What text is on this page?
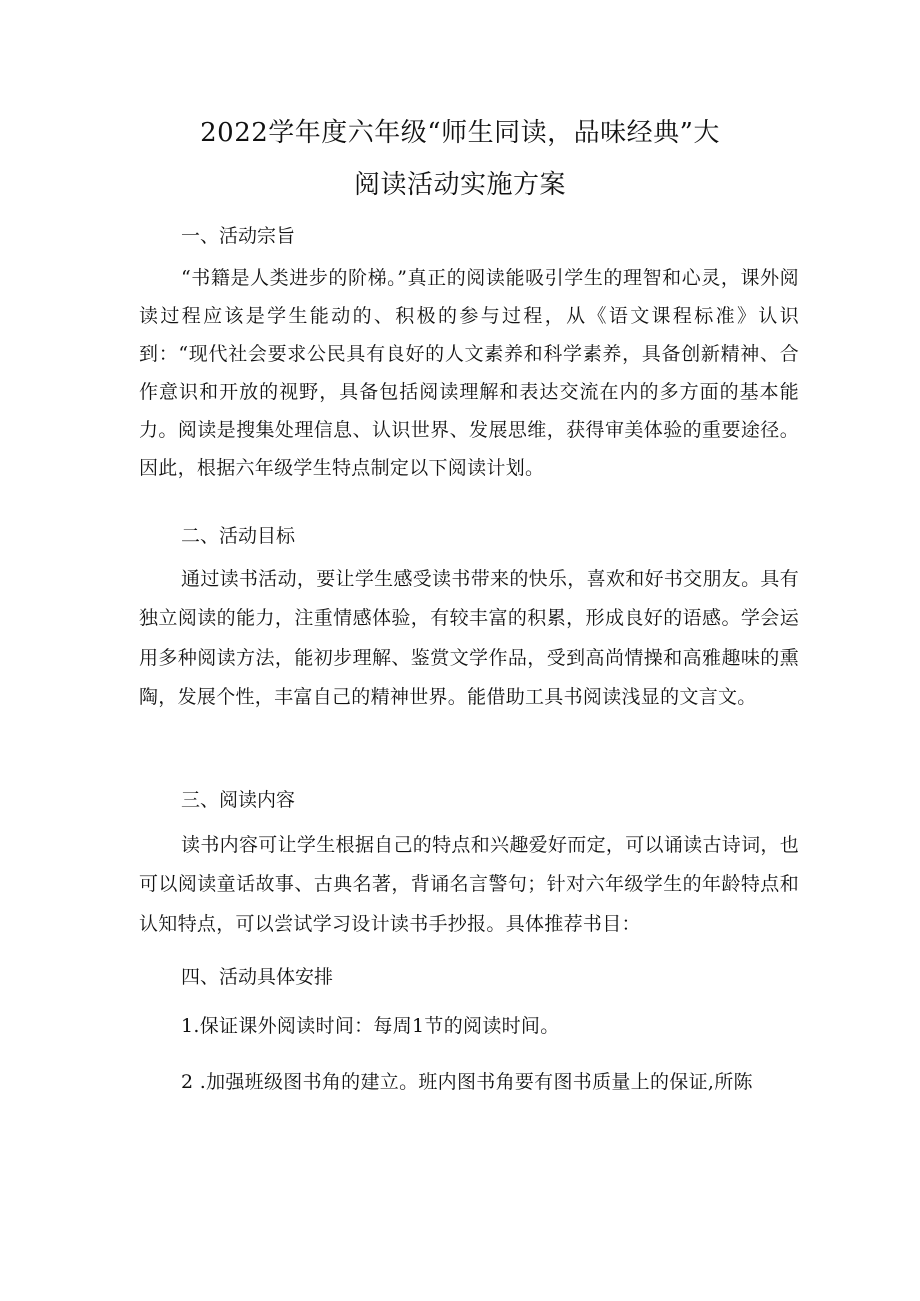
2022学年度六年级“师生同读，品味经典”大
阅读活动实施方案
一、活动宗旨
“书籍是人类进步的阶梯。”真正的阅读能吸引学生的理智和心灵，课外阅读过程应该是学生能动的、积极的参与过程，从《语文课程标准》认识到：“现代社会要求公民具有良好的人文素养和科学素养，具备创新精神、合作意识和开放的视野，具备包括阅读理解和表达交流在内的多方面的基本能力。阅读是搜集处理信息、认识世界、发展思维，获得审美体验的重要途径。因此，根据六年级学生特点制定以下阅读计划。
二、活动目标
通过读书活动，要让学生感受读书带来的快乐，喜欢和好书交朋友。具有独立阅读的能力，注重情感体验，有较丰富的积累，形成良好的语感。学会运用多种阅读方法，能初步理解、鉴赏文学作品，受到高尚情操和高雅趣味的熏陶，发展个性，丰富自己的精神世界。能借助工具书阅读浅显的文言文。
三、阅读内容
读书内容可让学生根据自己的特点和兴趣爱好而定，可以诵读古诗词，也可以阅读童话故事、古典名著，背诵名言警句；针对六年级学生的年龄特点和认知特点，可以尝试学习设计读书手抄报。具体推荐书目：
四、活动具体安排
1.保证课外阅读时间：每周1节的阅读时间。
2 .加强班级图书角的建立。班内图书角要有图书质量上的保证,所陈
